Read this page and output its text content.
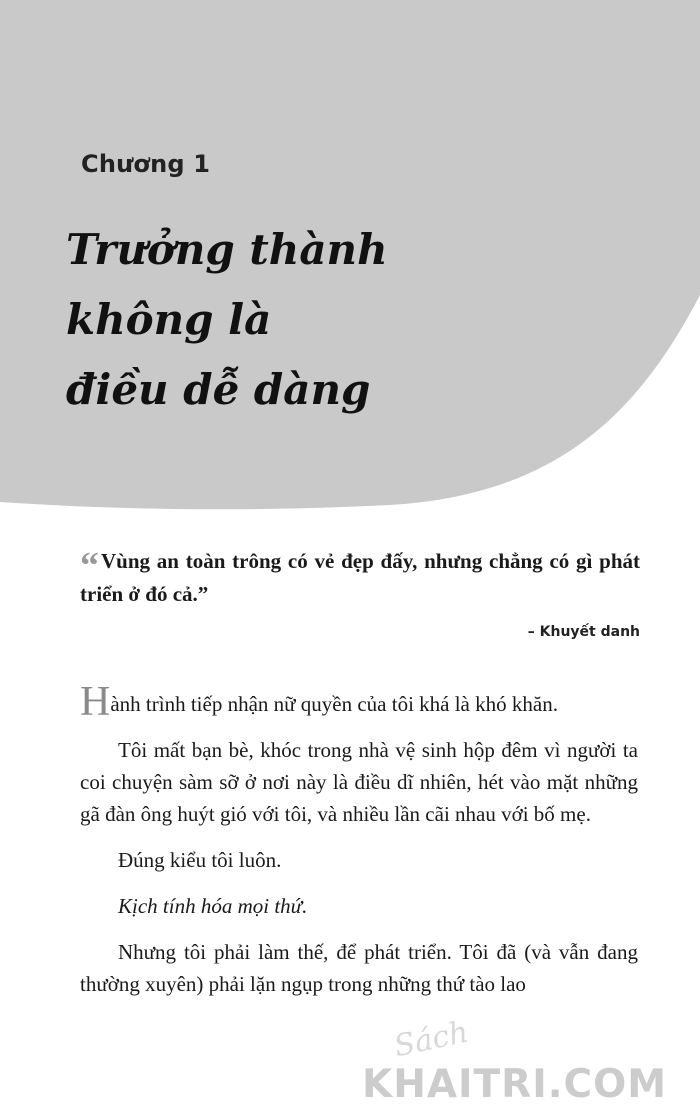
Chương 1
Trưởng thành
không là
điều dễ dàng
“Vùng an toàn trông có vẻ đẹp đấy, nhưng chẳng có gì phát triển ở đó cả.”
– Khuyết danh

Hành trình tiếp nhận nữ quyền của tôi khá là khó khăn.

Tôi mất bạn bè, khóc trong nhà vệ sinh hộp đêm vì người ta coi chuyện sàm sỡ ở nơi này là điều dĩ nhiên, hét vào mặt những gã đàn ông huýt gió với tôi, và nhiều lần cãi nhau với bố mẹ.

Đúng kiểu tôi luôn.

Kịch tính hóa mọi thứ.

Nhưng tôi phải làm thế, để phát triển. Tôi đã (và vẫn đang thường xuyên) phải lặn ngụp trong những thứ tào lao

Sách
KHAITRI.COM
